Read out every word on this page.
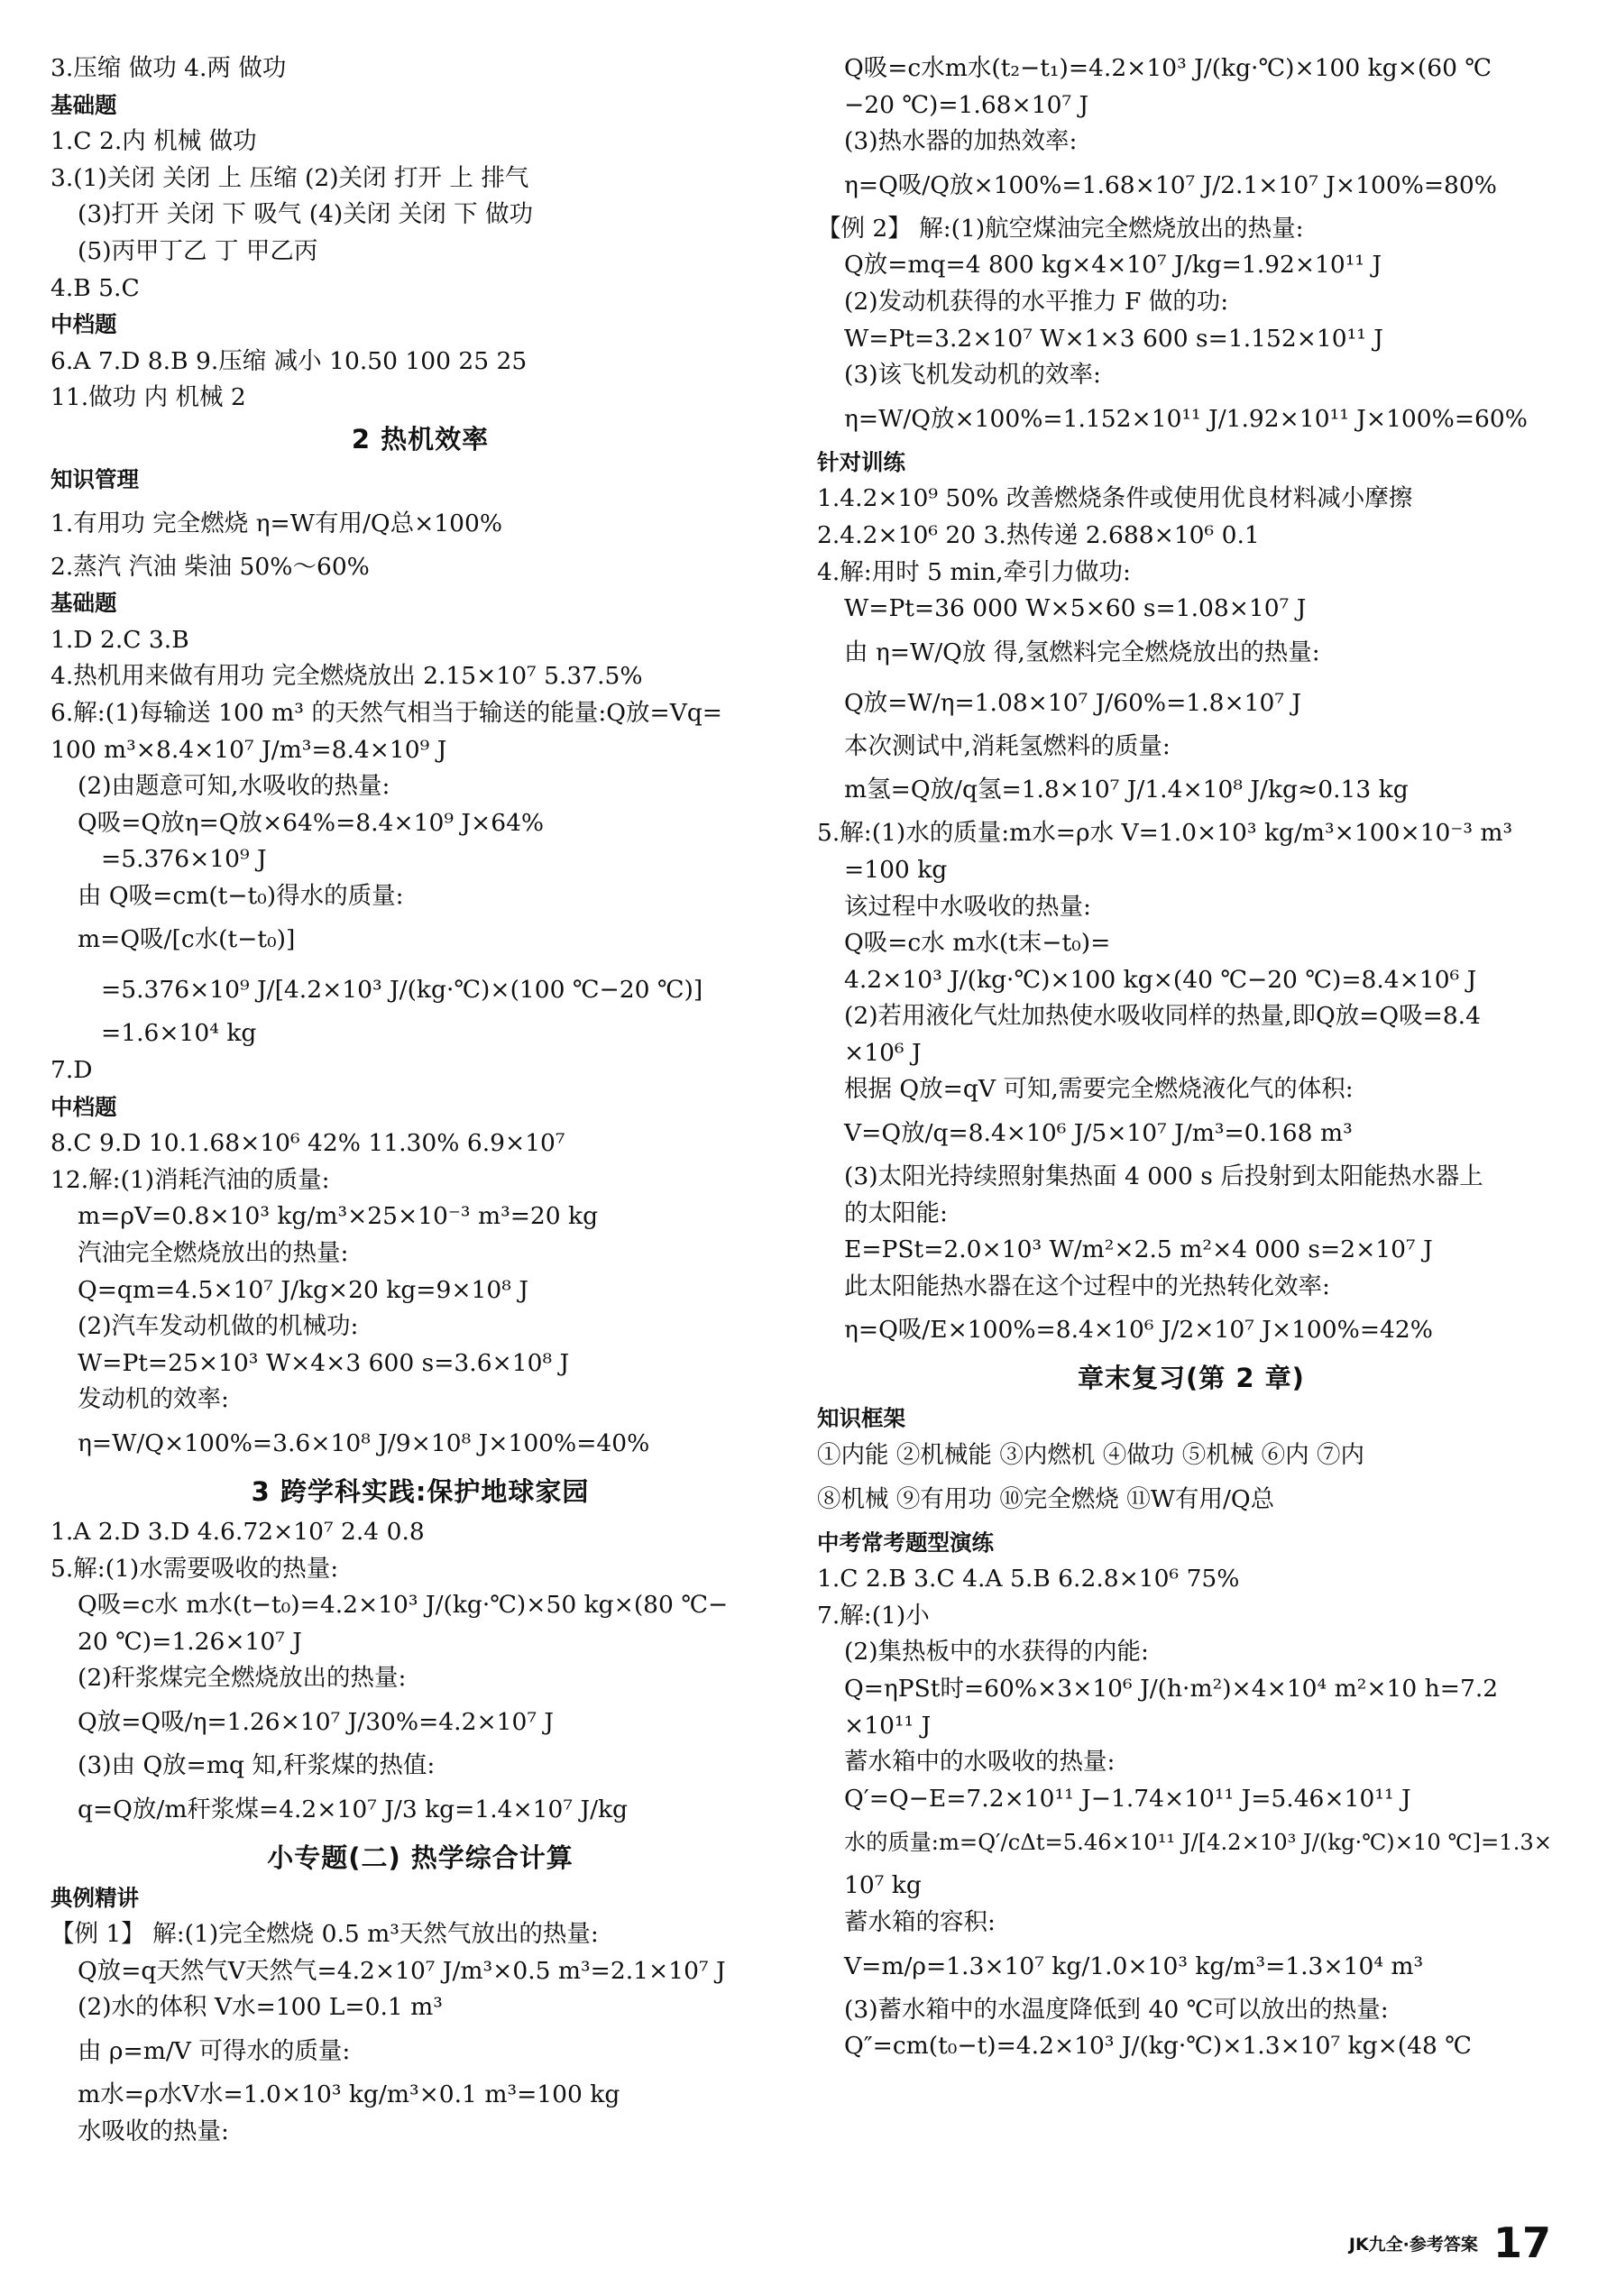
3.压缩 做功 4.两 做功
基础题
1.C 2.内 机械 做功
3.(1)关闭 关闭 上 压缩 (2)关闭 打开 上 排气
(3)打开 关闭 下 吸气 (4)关闭 关闭 下 做功
(5)丙甲丁乙 丁 甲乙丙
4.B 5.C
中档题
6.A 7.D 8.B 9.压缩 减小 10.50 100 25 25
11.做功 内 机械 2
2 热机效率
知识管理
1.有用功 完全燃烧 η=W有用/Q总×100%
2.蒸汽 汽油 柴油 50%～60%
基础题
1.D 2.C 3.B
4.热机用来做有用功 完全燃烧放出 2.15×10⁷ 5.37.5%
6.解:(1)每输送 100 m³ 的天然气相当于输送的能量:Q放=Vq=
100 m³×8.4×10⁷ J/m³=8.4×10⁹ J
(2)由题意可知,水吸收的热量:
Q吸=Q放η=Q放×64%=8.4×10⁹ J×64%
=5.376×10⁹ J
由 Q吸=cm(t−t₀)得水的质量:
m=Q吸/[c水(t−t₀)]
=5.376×10⁹ J/[4.2×10³ J/(kg·℃)×(100 ℃−20 ℃)]
=1.6×10⁴ kg
7.D
中档题
8.C 9.D 10.1.68×10⁶ 42% 11.30% 6.9×10⁷
12.解:(1)消耗汽油的质量:
m=ρV=0.8×10³ kg/m³×25×10⁻³ m³=20 kg
汽油完全燃烧放出的热量:
Q=qm=4.5×10⁷ J/kg×20 kg=9×10⁸ J
(2)汽车发动机做的机械功:
W=Pt=25×10³ W×4×3 600 s=3.6×10⁸ J
发动机的效率:
η=W/Q×100%=3.6×10⁸ J/9×10⁸ J×100%=40%
3 跨学科实践:保护地球家园
1.A 2.D 3.D 4.6.72×10⁷ 2.4 0.8
5.解:(1)水需要吸收的热量:
Q吸=c水 m水(t−t₀)=4.2×10³ J/(kg·℃)×50 kg×(80 ℃−
20 ℃)=1.26×10⁷ J
(2)秆浆煤完全燃烧放出的热量:
Q放=Q吸/η=1.26×10⁷ J/30%=4.2×10⁷ J
(3)由 Q放=mq 知,秆浆煤的热值:
q=Q放/m秆浆煤=4.2×10⁷ J/3 kg=1.4×10⁷ J/kg
小专题(二) 热学综合计算
典例精讲
【例 1】 解:(1)完全燃烧 0.5 m³天然气放出的热量:
Q放=q天然气V天然气=4.2×10⁷ J/m³×0.5 m³=2.1×10⁷ J
(2)水的体积 V水=100 L=0.1 m³
由 ρ=m/V 可得水的质量:
m水=ρ水V水=1.0×10³ kg/m³×0.1 m³=100 kg
水吸收的热量:
Q吸=c水m水(t₂−t₁)=4.2×10³ J/(kg·℃)×100 kg×(60 ℃
−20 ℃)=1.68×10⁷ J
(3)热水器的加热效率:
η=Q吸/Q放×100%=1.68×10⁷ J/2.1×10⁷ J×100%=80%
【例 2】 解:(1)航空煤油完全燃烧放出的热量:
Q放=mq=4 800 kg×4×10⁷ J/kg=1.92×10¹¹ J
(2)发动机获得的水平推力 F 做的功:
W=Pt=3.2×10⁷ W×1×3 600 s=1.152×10¹¹ J
(3)该飞机发动机的效率:
η=W/Q放×100%=1.152×10¹¹ J/1.92×10¹¹ J×100%=60%
针对训练
1.4.2×10⁹ 50% 改善燃烧条件或使用优良材料减小摩擦
2.4.2×10⁶ 20 3.热传递 2.688×10⁶ 0.1
4.解:用时 5 min,牵引力做功:
W=Pt=36 000 W×5×60 s=1.08×10⁷ J
由 η=W/Q放 得,氢燃料完全燃烧放出的热量:
Q放=W/η=1.08×10⁷ J/60%=1.8×10⁷ J
本次测试中,消耗氢燃料的质量:
m氢=Q放/q氢=1.8×10⁷ J/1.4×10⁸ J/kg≈0.13 kg
5.解:(1)水的质量:m水=ρ水 V=1.0×10³ kg/m³×100×10⁻³ m³
=100 kg
该过程中水吸收的热量:
Q吸=c水 m水(t末−t₀)=
4.2×10³ J/(kg·℃)×100 kg×(40 ℃−20 ℃)=8.4×10⁶ J
(2)若用液化气灶加热使水吸收同样的热量,即Q放=Q吸=8.4
×10⁶ J
根据 Q放=qV 可知,需要完全燃烧液化气的体积:
V=Q放/q=8.4×10⁶ J/5×10⁷ J/m³=0.168 m³
(3)太阳光持续照射集热面 4 000 s 后投射到太阳能热水器上
的太阳能:
E=PSt=2.0×10³ W/m²×2.5 m²×4 000 s=2×10⁷ J
此太阳能热水器在这个过程中的光热转化效率:
η=Q吸/E×100%=8.4×10⁶ J/2×10⁷ J×100%=42%
章末复习(第 2 章)
知识框架
①内能 ②机械能 ③内燃机 ④做功 ⑤机械 ⑥内 ⑦内
⑧机械 ⑨有用功 ⑩完全燃烧 ⑪W有用/Q总
中考常考题型演练
1.C 2.B 3.C 4.A 5.B 6.2.8×10⁶ 75%
7.解:(1)小
(2)集热板中的水获得的内能:
Q=ηPSt时=60%×3×10⁶ J/(h·m²)×4×10⁴ m²×10 h=7.2
×10¹¹ J
蓄水箱中的水吸收的热量:
Q′=Q−E=7.2×10¹¹ J−1.74×10¹¹ J=5.46×10¹¹ J
水的质量:m=Q′/cΔt=5.46×10¹¹ J/[4.2×10³ J/(kg·℃)×10 ℃]=1.3×
10⁷ kg
蓄水箱的容积:
V=m/ρ=1.3×10⁷ kg/1.0×10³ kg/m³=1.3×10⁴ m³
(3)蓄水箱中的水温度降低到 40 ℃可以放出的热量:
Q″=cm(t₀−t)=4.2×10³ J/(kg·℃)×1.3×10⁷ kg×(48 ℃
JK九全·参考答案 17
